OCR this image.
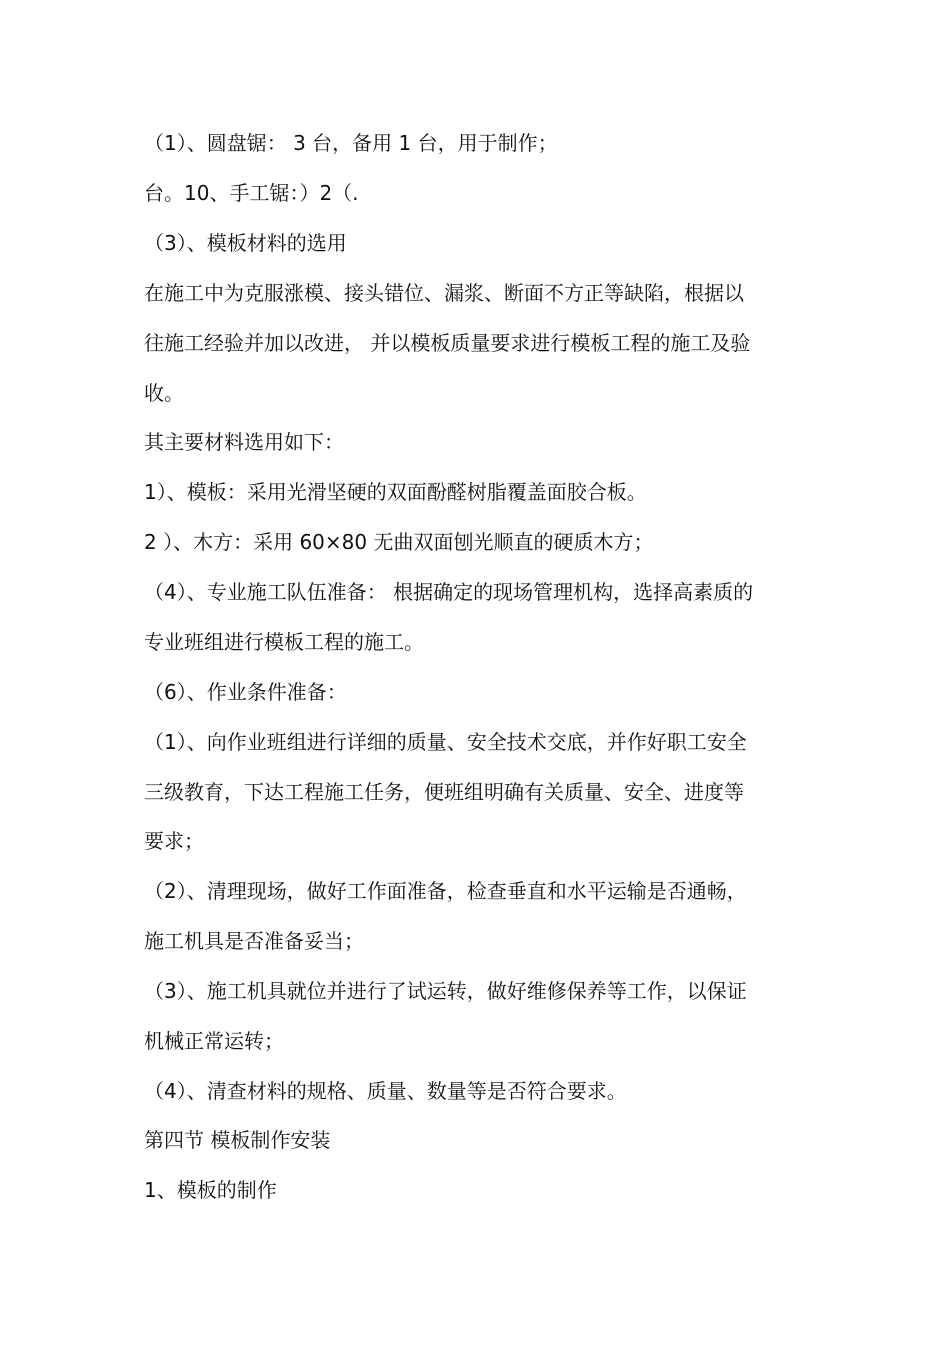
（1）、圆盘锯： 3 台，备用 1 台，用于制作；
台。10、手工锯：）2（.
（3）、模板材料的选用
在施工中为克服涨模、接头错位、漏浆、断面不方正等缺陷，根据以
往施工经验并加以改进， 并以模板质量要求进行模板工程的施工及验
收。
其主要材料选用如下：
1）、模板：采用光滑坚硬的双面酚醛树脂覆盖面胶合板。
2 ）、木方：采用 60×80 无曲双面刨光顺直的硬质木方；
（4）、专业施工队伍准备： 根据确定的现场管理机构，选择高素质的
专业班组进行模板工程的施工。
（6）、作业条件准备：
（1）、向作业班组进行详细的质量、安全技术交底，并作好职工安全
三级教育，下达工程施工任务，便班组明确有关质量、安全、进度等
要求；
（2）、清理现场，做好工作面准备，检查垂直和水平运输是否通畅，
施工机具是否准备妥当；
（3）、施工机具就位并进行了试运转，做好维修保养等工作，以保证
机械正常运转；
（4）、清查材料的规格、质量、数量等是否符合要求。
第四节 模板制作安装
1、模板的制作
